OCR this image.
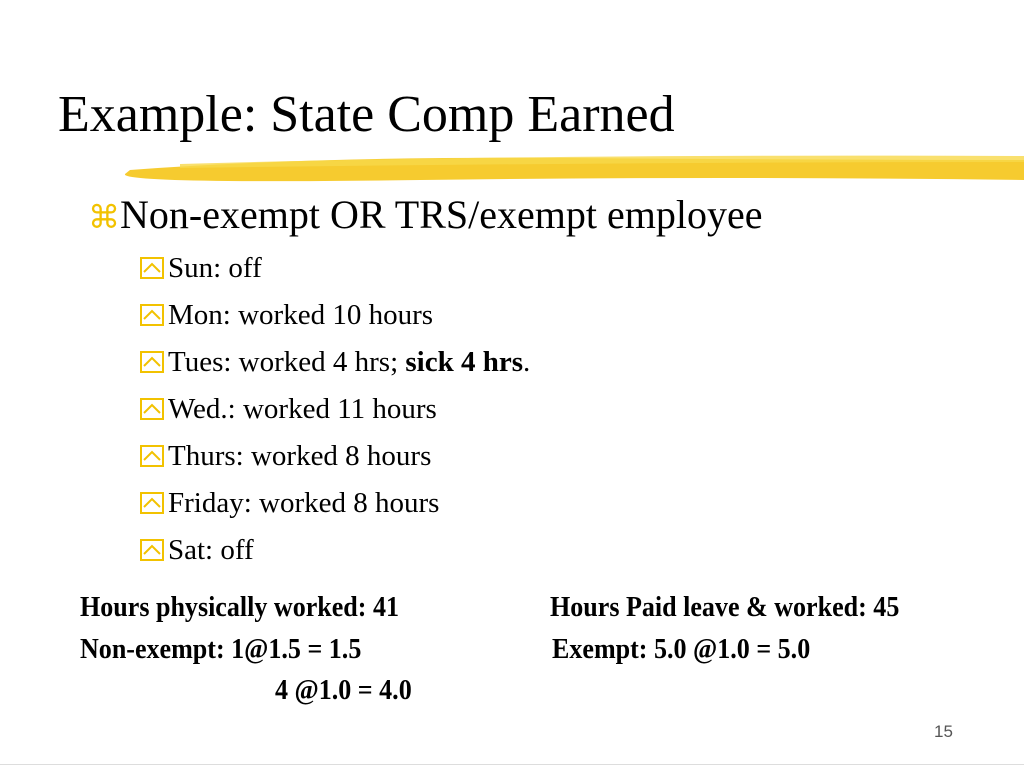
Example: State Comp Earned
⌘Non-exempt OR TRS/exempt employee
Sun: off
Mon: worked 10 hours
Tues: worked 4 hrs; sick 4 hrs.
Wed.: worked 11 hours
Thurs: worked 8 hours
Friday: worked 8 hours
Sat: off
Hours physically worked: 41	Hours Paid leave & worked: 45
Non-exempt: 1@1.5 = 1.5	Exempt: 5.0 @1.0 = 5.0
4 @1.0 = 4.0
15
